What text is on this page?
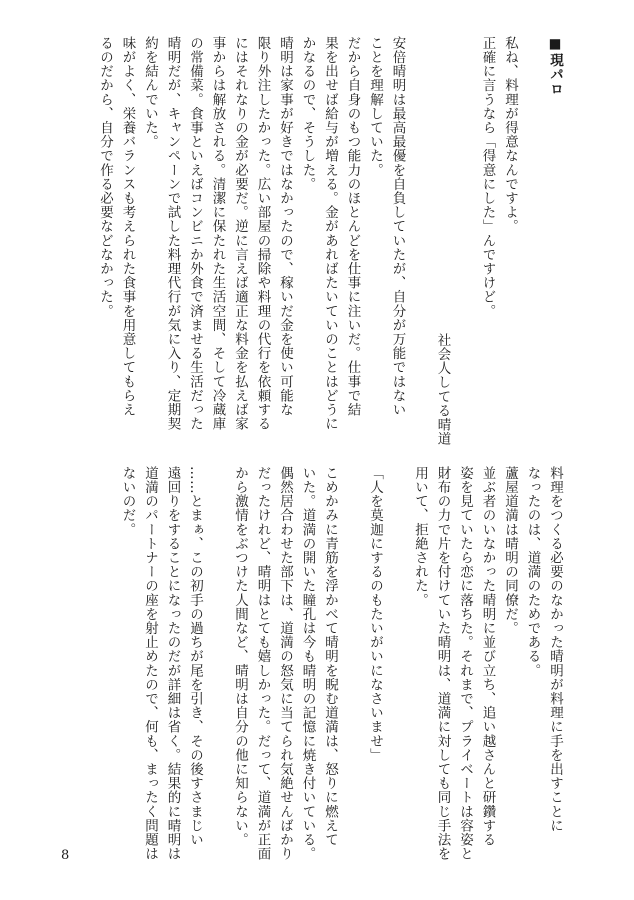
■現パロ
私ね、料理が得意なんですよ。
正確に言うなら「得意にした」んですけど。
社会人してる晴道
安倍晴明は最高最優を自負していたが、自分が万能ではない
ことを理解していた。
だから自身のもつ能力のほとんどを仕事に注いだ。仕事で結
果を出せば給与が増える。金があればたいていのことはどうに
かなるので、そうした。
晴明は家事が好きではなかったので、稼いだ金を使い可能な
限り外注したかった。広い部屋の掃除や料理の代行を依頼する
にはそれなりの金が必要だ。逆に言えば適正な料金を払えば家
事からは解放される。清潔に保たれた生活空間、そして冷蔵庫
の常備菜。食事といえばコンビニか外食で済ませる生活だった
晴明だが、キャンペーンで試した料理代行が気に入り、定期契
約を結んでいた。
味がよく、栄養バランスも考えられた食事を用意してもらえ
るのだから、自分で作る必要などなかった。
料理をつくる必要のなかった晴明が料理に手を出すことに
なったのは、道満のためである。
蘆屋道満は晴明の同僚だ。
並ぶ者のいなかった晴明に並び立ち、追い越さんと研鑽する
姿を見ていたら恋に落ちた。それまで、プライベートは容姿と
財布の力で片を付けていた晴明は、道満に対しても同じ手法を
用いて、拒絶された。
「人を莫迦にするのもたいがいになさいませ」
こめかみに青筋を浮かべて晴明を睨む道満は、怒りに燃えて
いた。道満の開いた瞳孔は今も晴明の記憶に焼き付いている。
偶然居合わせた部下は、道満の怒気に当てられ気絶せんばかり
だったけれど、晴明はとても嬉しかった。だって、道満が正面
から激情をぶつけた人間など、晴明は自分の他に知らない。
……とまぁ、この初手の過ちが尾を引き、その後すさまじい
遠回りをすることになったのだが詳細は省く。結果的に晴明は
道満のパートナーの座を射止めたので、何も、まったく問題は
ないのだ。
8
